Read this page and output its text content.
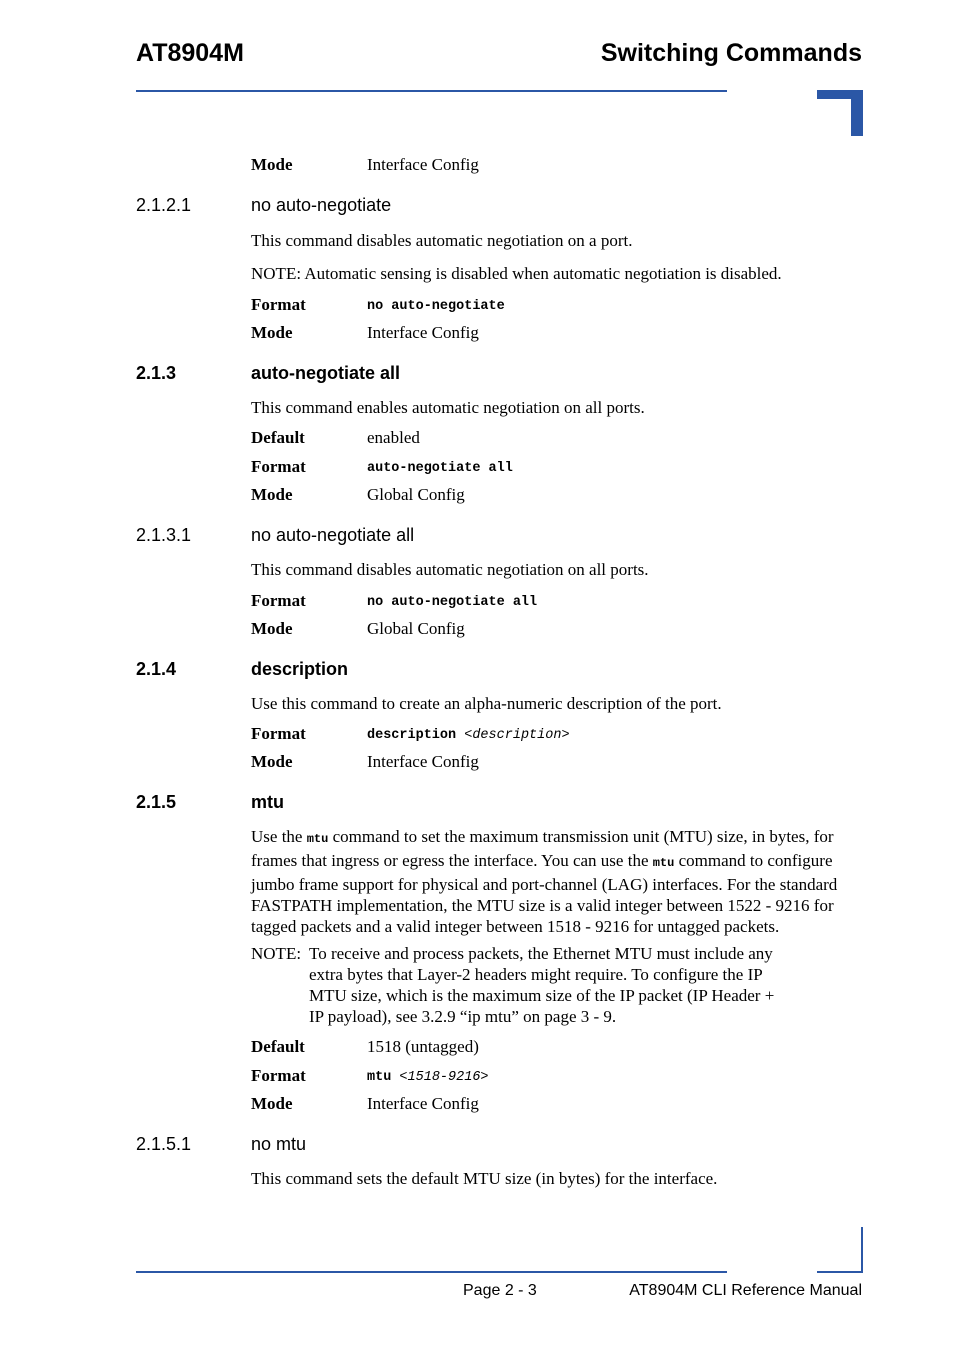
AT8904M	Switching Commands
Mode	Interface Config
2.1.2.1	no auto-negotiate
This command disables automatic negotiation on a port.
NOTE: Automatic sensing is disabled when automatic negotiation is disabled.
Format	no auto-negotiate
Mode	Interface Config
2.1.3	auto-negotiate all
This command enables automatic negotiation on all ports.
Default	enabled
Format	auto-negotiate all
Mode	Global Config
2.1.3.1	no auto-negotiate all
This command disables automatic negotiation on all ports.
Format	no auto-negotiate all
Mode	Global Config
2.1.4	description
Use this command to create an alpha-numeric description of the port.
Format	description <description>
Mode	Interface Config
2.1.5	mtu
Use the mtu command to set the maximum transmission unit (MTU) size, in bytes, for
frames that ingress or egress the interface. You can use the mtu command to configure
jumbo frame support for physical and port-channel (LAG) interfaces. For the standard
FASTPATH implementation, the MTU size is a valid integer between 1522 - 9216 for
tagged packets and a valid integer between 1518 - 9216 for untagged packets.
NOTE: To receive and process packets, the Ethernet MTU must include any
extra bytes that Layer-2 headers might require. To configure the IP
MTU size, which is the maximum size of the IP packet (IP Header +
IP payload), see 3.2.9 “ip mtu” on page 3 - 9.
Default	1518 (untagged)
Format	mtu <1518-9216>
Mode	Interface Config
2.1.5.1	no mtu
This command sets the default MTU size (in bytes) for the interface.
Page 2 - 3	AT8904M CLI Reference Manual
